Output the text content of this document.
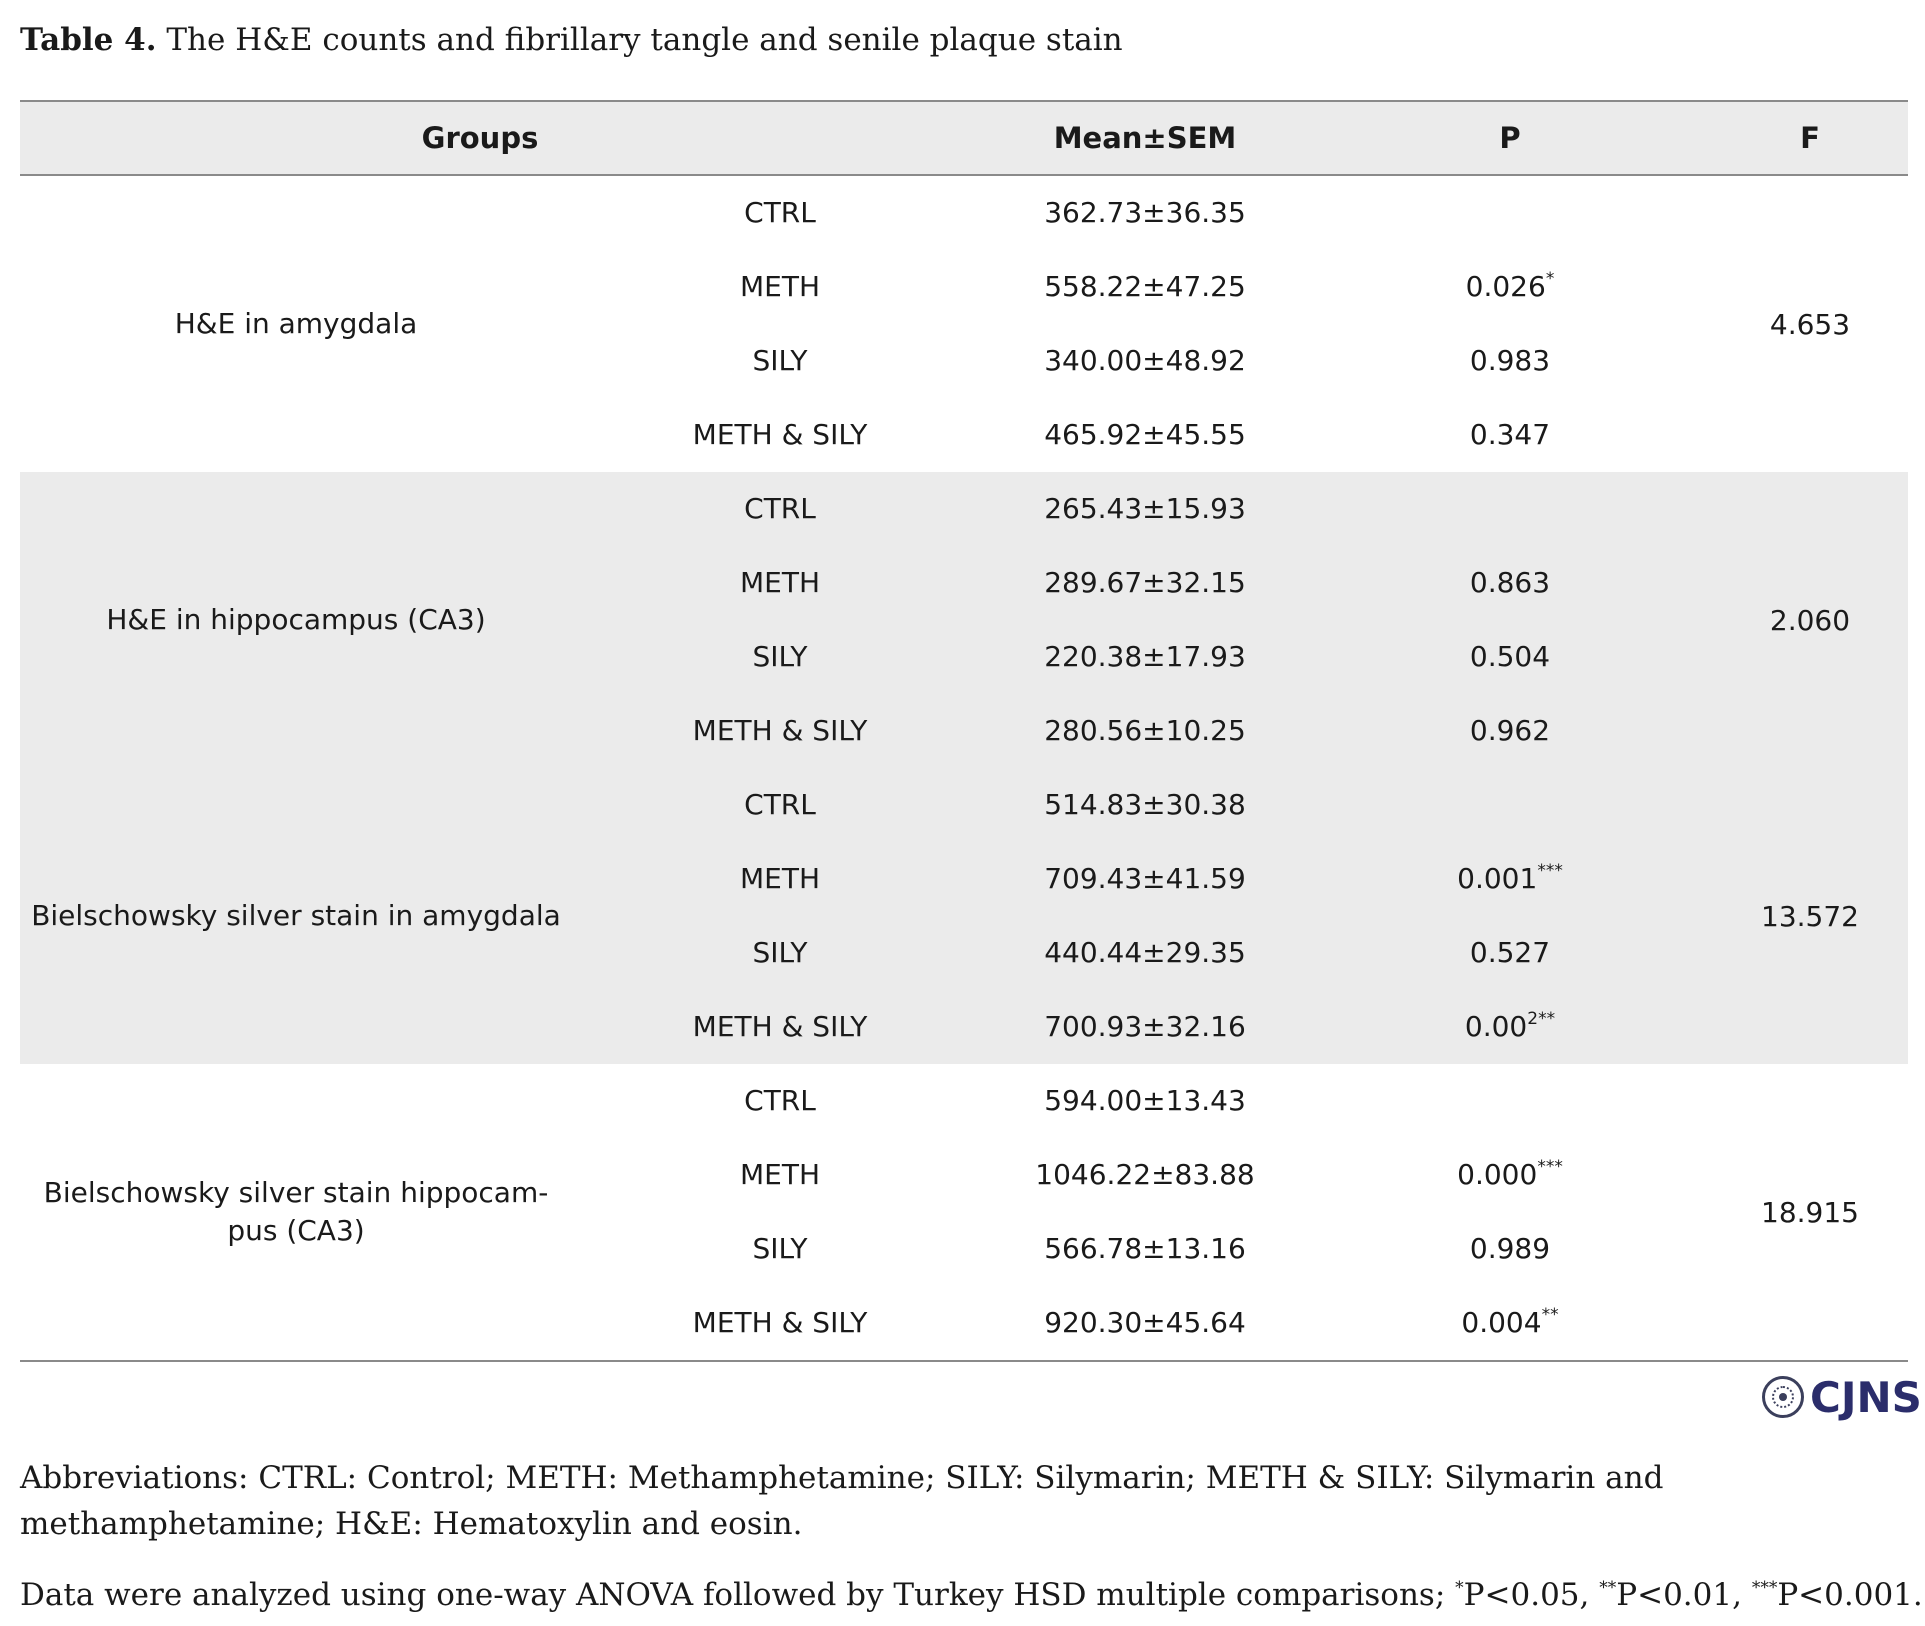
Table 4. The H&E counts and fibrillary tangle and senile plaque stain
Groups	Mean±SEM	P	F
H&E in amygdala
CTRL	362.73±36.35
METH	558.22±47.25	0.026*
SILY	340.00±48.92	0.983
METH & SILY	465.92±45.55	0.347
4.653
H&E in hippocampus (CA3)
CTRL	265.43±15.93
METH	289.67±32.15	0.863
SILY	220.38±17.93	0.504
METH & SILY	280.56±10.25	0.962
2.060
Bielschowsky silver stain in amygdala
CTRL	514.83±30.38
METH	709.43±41.59	0.001***
SILY	440.44±29.35	0.527
METH & SILY	700.93±32.16	$0.00^{2**}$
13.572
Bielschowsky silver stain hippocam-
pus (CA3)
CTRL	594.00±13.43
METH	1046.22±83.88	0.000***
SILY	566.78±13.16	0.989
METH & SILY	920.30±45.64	0.004**
18.915
CJNS
Abbreviations: CTRL: Control; METH: Methamphetamine; SILY: Silymarin; METH & SILY: Silymarin and methamphetamine; H&E: Hematoxylin and eosin.
Data were analyzed using one-way ANOVA followed by Turkey HSD multiple comparisons; *P<0.05, **P<0.01, ***P<0.001.
